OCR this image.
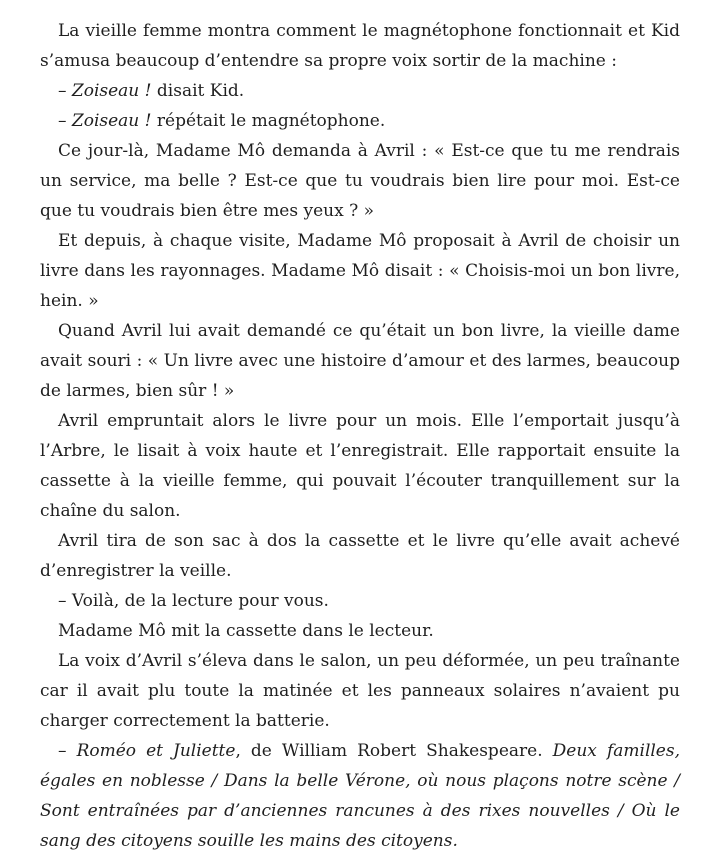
La vieille femme montra comment le magnétophone fonctionnait et Kid s’amusa beaucoup d’entendre sa propre voix sortir de la machine :

– Zoiseau ! disait Kid.

– Zoiseau ! répétait le magnétophone.

Ce jour-là, Madame Mô demanda à Avril : « Est-ce que tu me rendrais un service, ma belle ? Est-ce que tu voudrais bien lire pour moi. Est-ce que tu voudrais bien être mes yeux ? »

Et depuis, à chaque visite, Madame Mô proposait à Avril de choisir un livre dans les rayonnages. Madame Mô disait : « Choisis-moi un bon livre, hein. »

Quand Avril lui avait demandé ce qu’était un bon livre, la vieille dame avait souri : « Un livre avec une histoire d’amour et des larmes, beaucoup de larmes, bien sûr ! »

Avril empruntait alors le livre pour un mois. Elle l’emportait jusqu’à l’Arbre, le lisait à voix haute et l’enregistrait. Elle rapportait ensuite la cassette à la vieille femme, qui pouvait l’écouter tranquillement sur la chaîne du salon.

Avril tira de son sac à dos la cassette et le livre qu’elle avait achevé d’enregistrer la veille.

– Voilà, de la lecture pour vous.

Madame Mô mit la cassette dans le lecteur.

La voix d’Avril s’éleva dans le salon, un peu déformée, un peu traînante car il avait plu toute la matinée et les panneaux solaires n’avaient pu charger correctement la batterie.

– Roméo et Juliette, de William Robert Shakespeare. Deux familles, égales en noblesse / Dans la belle Vérone, où nous plaçons notre scène / Sont entraînées par d’anciennes rancunes à des rixes nouvelles / Où le sang des citoyens souille les mains des citoyens.
